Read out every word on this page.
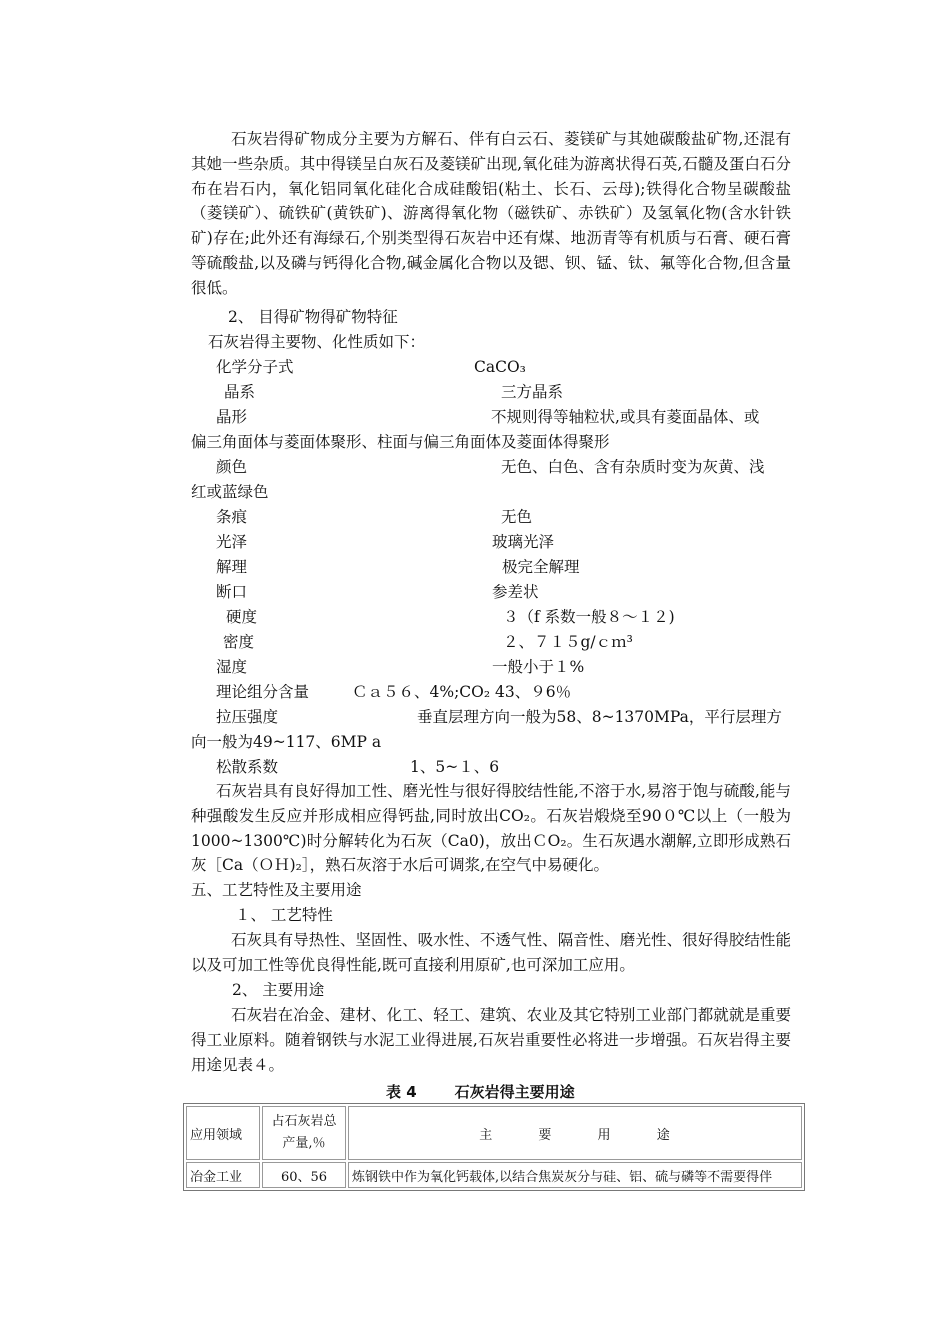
石灰岩得矿物成分主要为方解石、伴有白云石、菱镁矿与其她碳酸盐矿物,还混有其她一些杂质。其中得镁呈白灰石及菱镁矿出现,氧化硅为游离状得石英,石髓及蛋白石分布在岩石内，氧化铝同氧化硅化合成硅酸铝(粘土、长石、云母);铁得化合物呈碳酸盐（菱镁矿）、硫铁矿(黄铁矿)、游离得氧化物（磁铁矿、赤铁矿）及氢氧化物(含水针铁矿)存在;此外还有海绿石,个别类型得石灰岩中还有煤、地沥青等有机质与石膏、硬石膏等硫酸盐,以及磷与钙得化合物,碱金属化合物以及锶、钡、锰、钛、氟等化合物,但含量很低。

2、 目得矿物得矿物特征
石灰岩得主要物、化性质如下：
化学分子式	CaCO₃
晶系	三方晶系
晶形	不规则得等轴粒状,或具有菱面晶体、或
偏三角面体与菱面体聚形、柱面与偏三角面体及菱面体得聚形
颜色	无色、白色、含有杂质时变为灰黄、浅
红或蓝绿色
条痕	无色
光泽	玻璃光泽
解理	极完全解理
断口	参差状
硬度	３（f 系数一般８～１２)
密度	２、７１５g/ｃｍ³
湿度	一般小于１%
理论组分含量	Ｃａ５６、4%;CO₂ 43、９6％
拉压强度	垂直层理方向一般为58、8~1370MPa，平行层理方
向一般为49~117、6MP a
松散系数	1、5~１、6

石灰岩具有良好得加工性、磨光性与很好得胶结性能,不溶于水,易溶于饱与硫酸,能与种强酸发生反应并形成相应得钙盐,同时放出CO₂。石灰岩煅烧至90０℃以上（一般为1000~1300℃)时分解转化为石灰（Ca0)，放出ＣO₂。生石灰遇水潮解,立即形成熟石灰［Ca（ＯＨ)₂］，熟石灰溶于水后可调浆,在空气中易硬化。

五、工艺特性及主要用途
１、 工艺特性

石灰具有导热性、坚固性、吸水性、不透气性、隔音性、磨光性、很好得胶结性能以及可加工性等优良得性能,既可直接利用原矿,也可深加工应用。

2、 主要用途

石灰岩在冶金、建材、化工、轻工、建筑、农业及其它特别工业部门都就就是重要得工业原料。随着钢铁与水泥工业得进展,石灰岩重要性必将进一步增强。石灰岩得主要用途见表４。

表 4	石灰岩得主要用途
应用领域	占石灰岩总产量,％	主 要 用 途
冶金工业	60、56	炼钢铁中作为氧化钙载体,以结合焦炭灰分与硅、铝、硫与磷等不需要得伴
